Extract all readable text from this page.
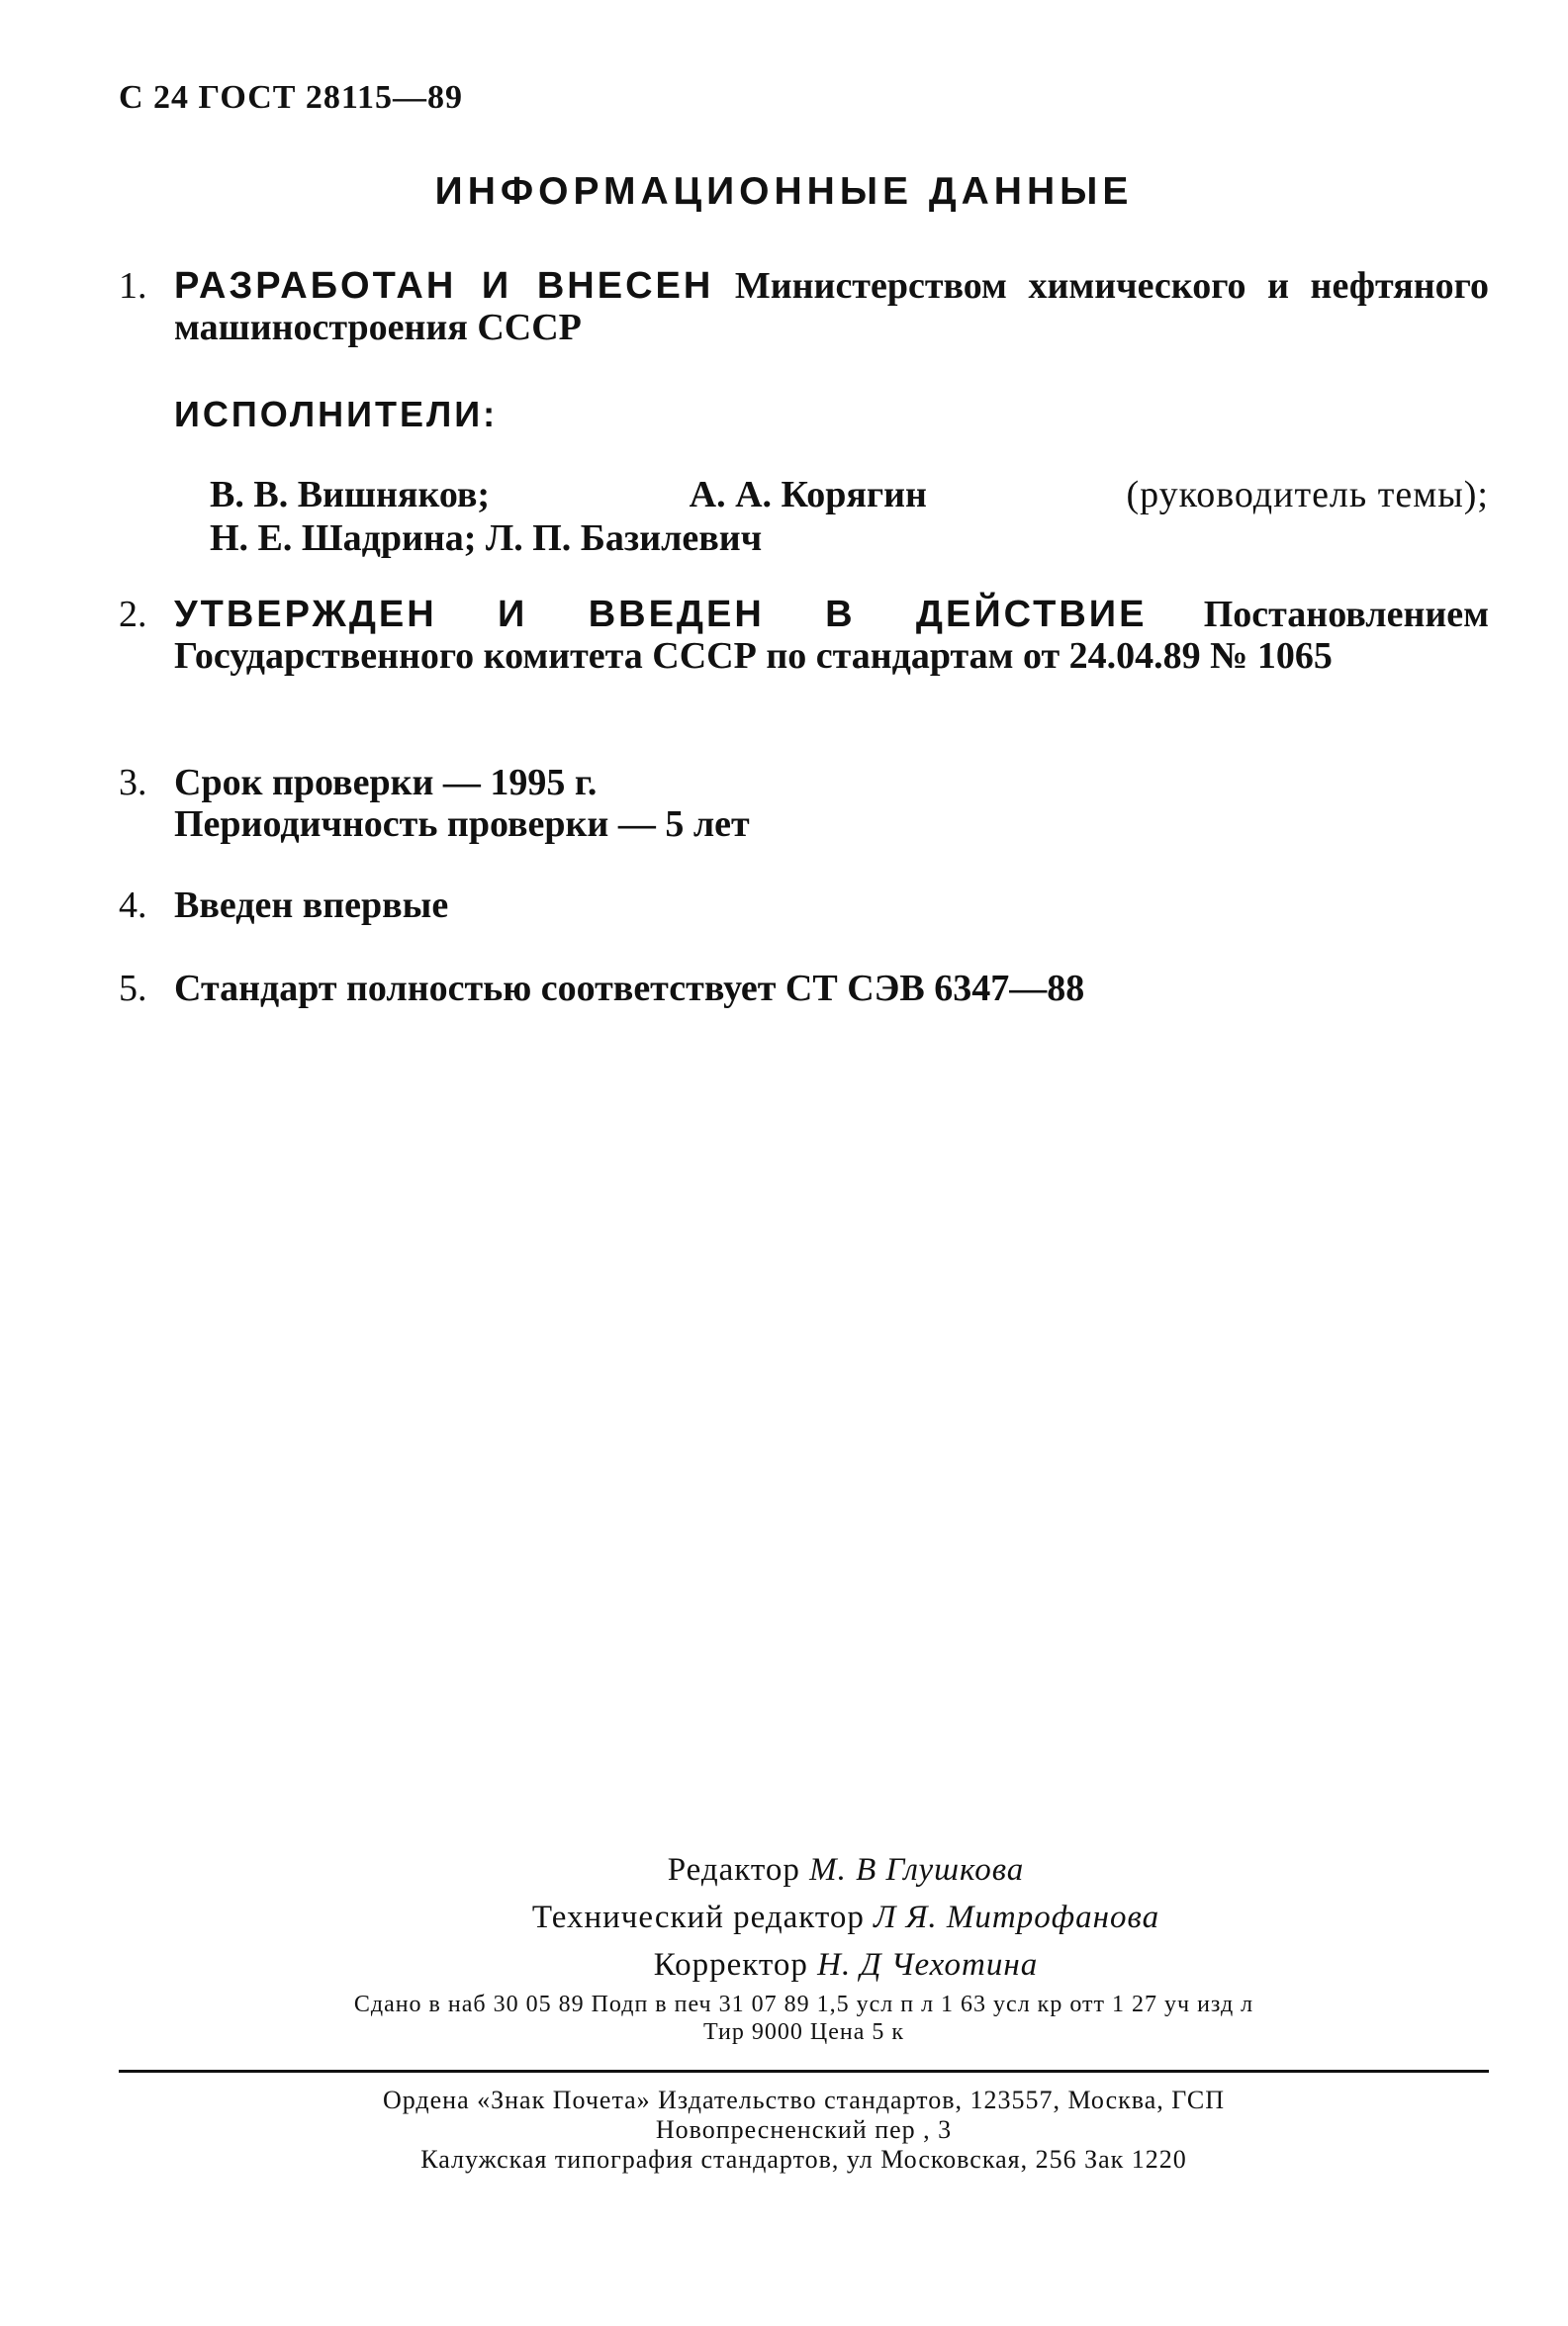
С 24 ГОСТ 28115—89
ИНФОРМАЦИОННЫЕ ДАННЫЕ
1. РАЗРАБОТАН И ВНЕСЕН Министерством химического и нефтяного машиностроения СССР
ИСПОЛНИТЕЛИ:
В. В. Вишняков;	А. А. Корягин	(руководитель темы);
Н. Е. Шадрина; Л. П. Базилевич
2. УТВЕРЖДЕН И ВВЕДЕН В ДЕЙСТВИЕ Постановлением Государственного комитета СССР по стандартам от 24.04.89 № 1065
3. Срок проверки — 1995 г.
Периодичность проверки — 5 лет
4. Введен впервые
5. Стандарт полностью соответствует СТ СЭВ 6347—88
Редактор М. В Глушкова
Технический редактор Л Я. Митрофанова
Корректор Н. Д Чехотина
Сдано в наб 30 05 89 Подп в печ 31 07 89 1,5 усл п л 1 63 усл кр отт 1 27 уч изд л
Тир 9000 Цена 5 к
Ордена «Знак Почета» Издательство стандартов, 123557, Москва, ГСП
Новопресненский пер , 3
Калужская типография стандартов, ул Московская, 256 Зак 1220
